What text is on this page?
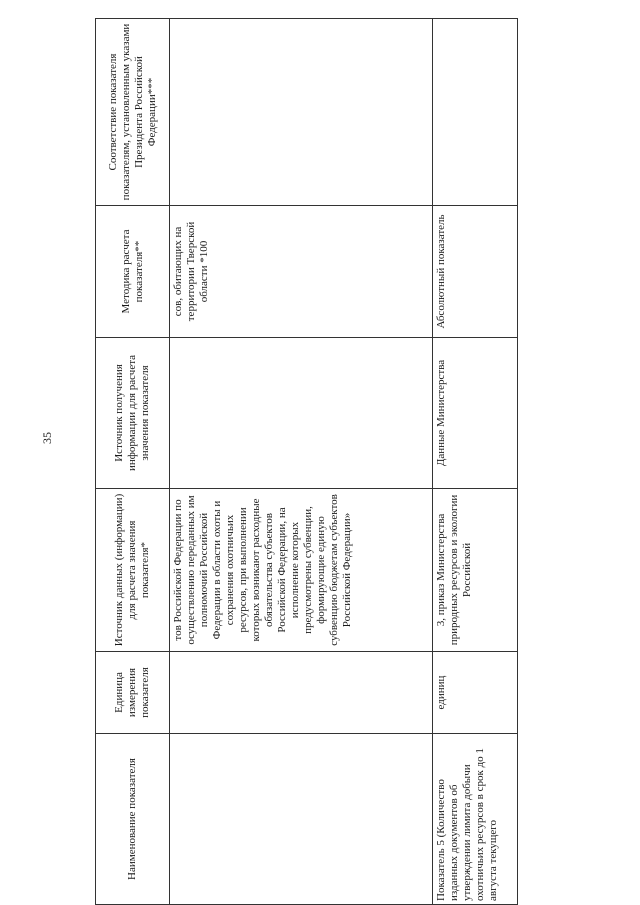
35
Наименование показателя	Единица измерения показателя	Источник данных (информации) для расчета значения показателя*	Источник получения информации для расчета значения показателя	Методика расчета показателя**	Соответствие показателя показателям, установленным указами Президента Российской Федерации***
		тов Российской Федерации по осуществлению переданных им полномочий Российской Федерации в области охоты и сохранения охотничьих ресурсов, при выполнении которых возникают расходные обязательства субъектов Российской Федерации, на исполнение которых предусмотрены субвенции, формирующие единую субвенцию бюджетам субъектов Российской Федерации»		сов, обитающих на территории Тверской области *100	
Показатель 5 (Количество изданных документов об утверждении лимита добычи охотничьих ресурсов в срок до 1 августа текущего	единиц	3, приказ Министерства природных ресурсов и экологии Российской	Данные Министерства	Абсолютный показатель	
